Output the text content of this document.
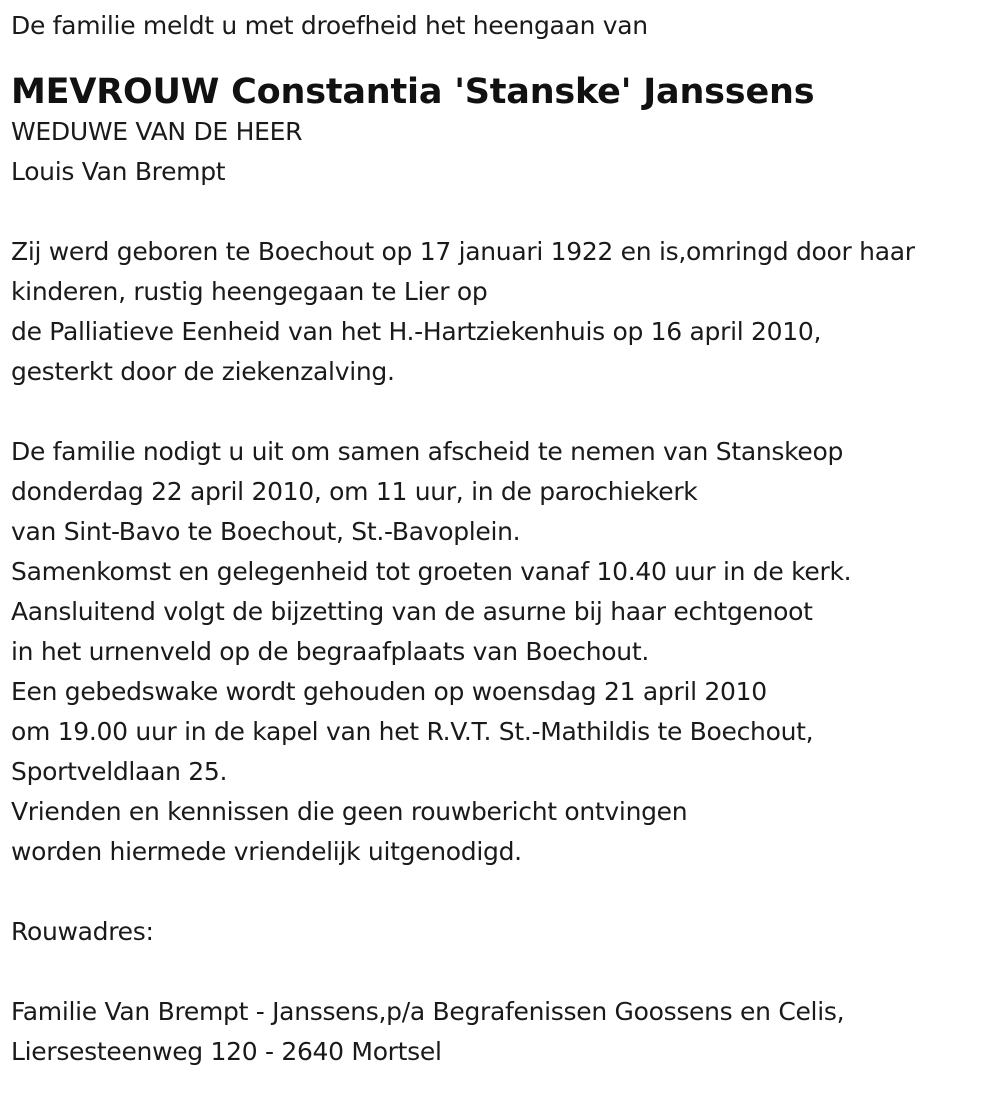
De familie meldt u met droefheid het heengaan van
MEVROUW Constantia 'Stanske' Janssens
WEDUWE VAN DE HEER
Louis Van Brempt
Zij werd geboren te Boechout op 17 januari 1922 en is,omringd door haar
kinderen, rustig heengegaan te Lier op
de Palliatieve Eenheid van het H.-Hartziekenhuis op 16 april 2010,
gesterkt door de ziekenzalving.
De familie nodigt u uit om samen afscheid te nemen van Stanskeop
donderdag 22 april 2010, om 11 uur, in de parochiekerk
van Sint-Bavo te Boechout, St.-Bavoplein.
Samenkomst en gelegenheid tot groeten vanaf 10.40 uur in de kerk.
Aansluitend volgt de bijzetting van de asurne bij haar echtgenoot
in het urnenveld op de begraafplaats van Boechout.
Een gebedswake wordt gehouden op woensdag 21 april 2010
om 19.00 uur in de kapel van het R.V.T. St.-Mathildis te Boechout,
Sportveldlaan 25.
Vrienden en kennissen die geen rouwbericht ontvingen
worden hiermede vriendelijk uitgenodigd.
Rouwadres:
Familie Van Brempt - Janssens,p/a Begrafenissen Goossens en Celis,
Liersesteenweg 120 - 2640 Mortsel
